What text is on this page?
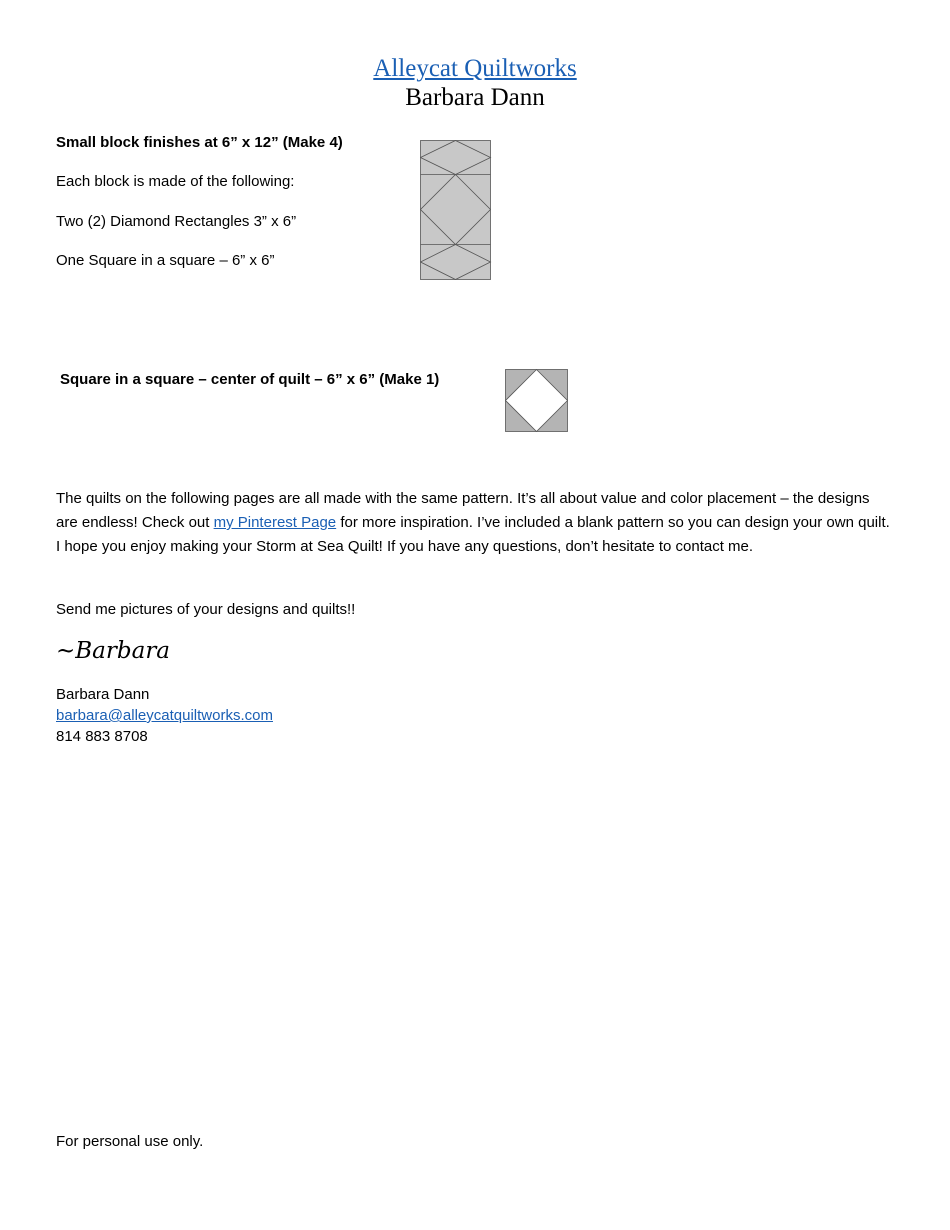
Alleycat Quiltworks
Barbara Dann
Small block finishes at 6” x 12” (Make 4)
Each block is made of the following:
Two (2) Diamond Rectangles 3” x 6”
One Square in a square – 6” x 6”
Square in a square – center of quilt – 6” x 6” (Make 1)
The quilts on the following pages are all made with the same pattern. It’s all about value and color placement – the designs are endless! Check out my Pinterest Page for more inspiration. I’ve included a blank pattern so you can design your own quilt. I hope you enjoy making your Storm at Sea Quilt! If you have any questions, don’t hesitate to contact me.
Send me pictures of your designs and quilts!!
~Barbara
Barbara Dann
barbara@alleycatquiltworks.com
814 883 8708
For personal use only.
